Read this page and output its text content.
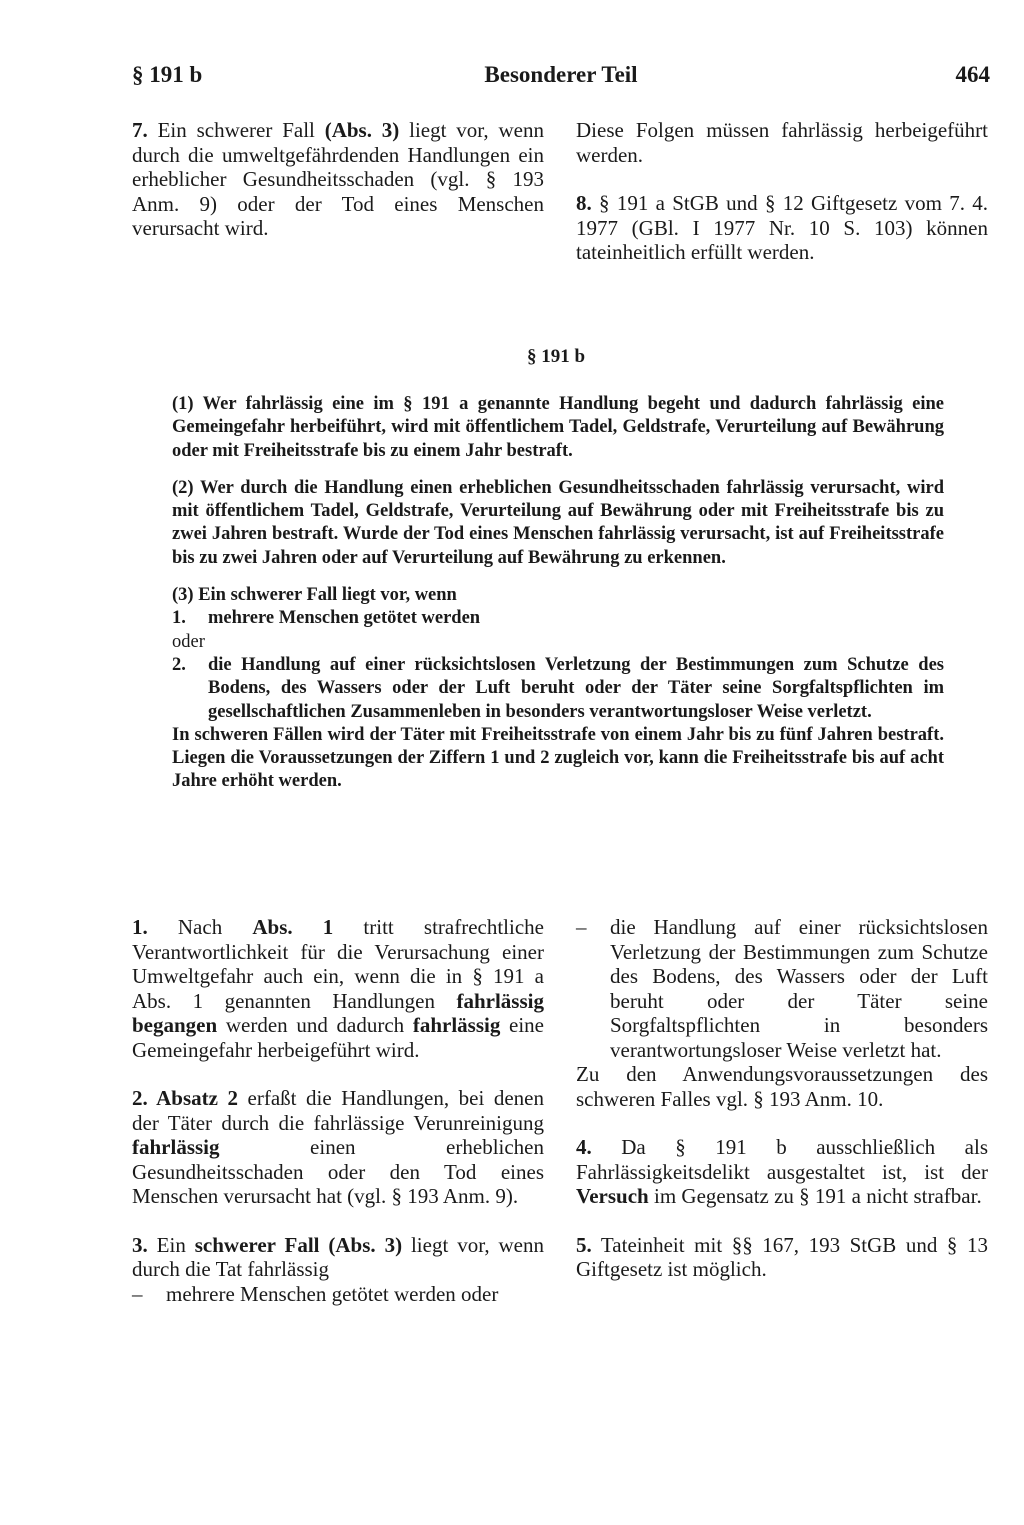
§ 191 b	Besonderer Teil	464

7. Ein schwerer Fall (Abs. 3) liegt vor, wenn durch die umweltgefährdenden Handlungen ein erheblicher Gesundheitsschaden (vgl. § 193 Anm. 9) oder der Tod eines Menschen verursacht wird.

Diese Folgen müssen fahrlässig herbeigeführt werden.

8. § 191 a StGB und § 12 Giftgesetz vom 7. 4. 1977 (GBl. I 1977 Nr. 10 S. 103) können tateinheitlich erfüllt werden.

§ 191 b

(1) Wer fahrlässig eine im § 191 a genannte Handlung begeht und dadurch fahrlässig eine Gemeingefahr herbeiführt, wird mit öffentlichem Tadel, Geldstrafe, Verurteilung auf Bewährung oder mit Freiheitsstrafe bis zu einem Jahr bestraft.

(2) Wer durch die Handlung einen erheblichen Gesundheitsschaden fahrlässig verursacht, wird mit öffentlichem Tadel, Geldstrafe, Verurteilung auf Bewährung oder mit Freiheitsstrafe bis zu zwei Jahren bestraft. Wurde der Tod eines Menschen fahrlässig verursacht, ist auf Freiheitsstrafe bis zu zwei Jahren oder auf Verurteilung auf Bewährung zu erkennen.

(3) Ein schwerer Fall liegt vor, wenn

1.	mehrere Menschen getötet werden

oder

2.	die Handlung auf einer rücksichtslosen Verletzung der Bestimmungen zum Schutze des Bodens, des Wassers oder der Luft beruht oder der Täter seine Sorgfaltspflichten im gesellschaftlichen Zusammenleben in besonders verantwortungsloser Weise verletzt.

In schweren Fällen wird der Täter mit Freiheitsstrafe von einem Jahr bis zu fünf Jahren bestraft. Liegen die Voraussetzungen der Ziffern 1 und 2 zugleich vor, kann die Freiheitsstrafe bis auf acht Jahre erhöht werden.

1. Nach Abs. 1 tritt strafrechtliche Verantwortlichkeit für die Verursachung einer Umweltgefahr auch ein, wenn die in § 191 a Abs. 1 genannten Handlungen fahrlässig begangen werden und dadurch fahrlässig eine Gemeingefahr herbeigeführt wird.

2. Absatz 2 erfaßt die Handlungen, bei denen der Täter durch die fahrlässige Verunreinigung fahrlässig einen erheblichen Gesundheitsschaden oder den Tod eines Menschen verursacht hat (vgl. § 193 Anm. 9).

3. Ein schwerer Fall (Abs. 3) liegt vor, wenn durch die Tat fahrlässig

–	mehrere Menschen getötet werden oder
–	die Handlung auf einer rücksichtslosen Verletzung der Bestimmungen zum Schutze des Bodens, des Wassers oder der Luft beruht oder der Täter seine Sorgfaltspflichten in besonders verantwortungsloser Weise verletzt hat.

Zu den Anwendungsvoraussetzungen des schweren Falles vgl. § 193 Anm. 10.

4. Da § 191 b ausschließlich als Fahrlässigkeitsdelikt ausgestaltet ist, ist der Versuch im Gegensatz zu § 191 a nicht strafbar.

5. Tateinheit mit §§ 167, 193 StGB und § 13 Giftgesetz ist möglich.
